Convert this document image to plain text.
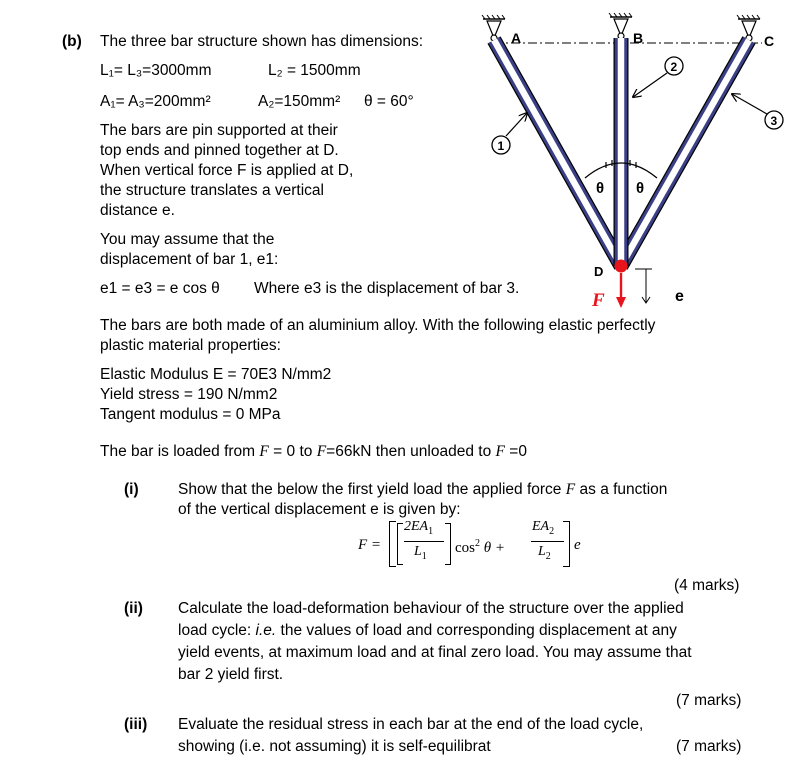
(b) The three bar structure shown has dimensions:
L₁= L₃=3000mm	L₂ = 1500mm
A₁= A₃=200mm²	A₂=150mm² θ = 60°
The bars are pin supported at their
top ends and pinned together at D.
When vertical force F is applied at D,
the structure translates a vertical
distance e.
You may assume that the
displacement of bar 1, e1:
e1 = e3 = e cos θ Where e3 is the displacement of bar 3.
The bars are both made of an aluminium alloy. With the following elastic perfectly
plastic material properties:
Elastic Modulus E = 70E3 N/mm2
Yield stress = 190 N/mm2
Tangent modulus = 0 MPa
The bar is loaded from F = 0 to F=66kN then unloaded to F =0
(i)	Show that the below the first yield load the applied force F as a function
of the vertical displacement e is given by:
F =
$2EA_1$
$L_1$
$\cos^2 \theta$ +
$EA_2$
$L_2$
e
(4 marks)
(ii) Calculate the load-deformation behaviour of the structure over the applied
load cycle: i.e. the values of load and corresponding displacement at any
yield events, at maximum load and at final zero load. You may assume that
bar 2 yield first.
(7 marks)
(iii) Evaluate the residual stress in each bar at the end of the load cycle,
showing (i.e. not assuming) it is self-equilibrat	(7 marks)
θ θ
D
A	B	C
1
2
3
F	e
